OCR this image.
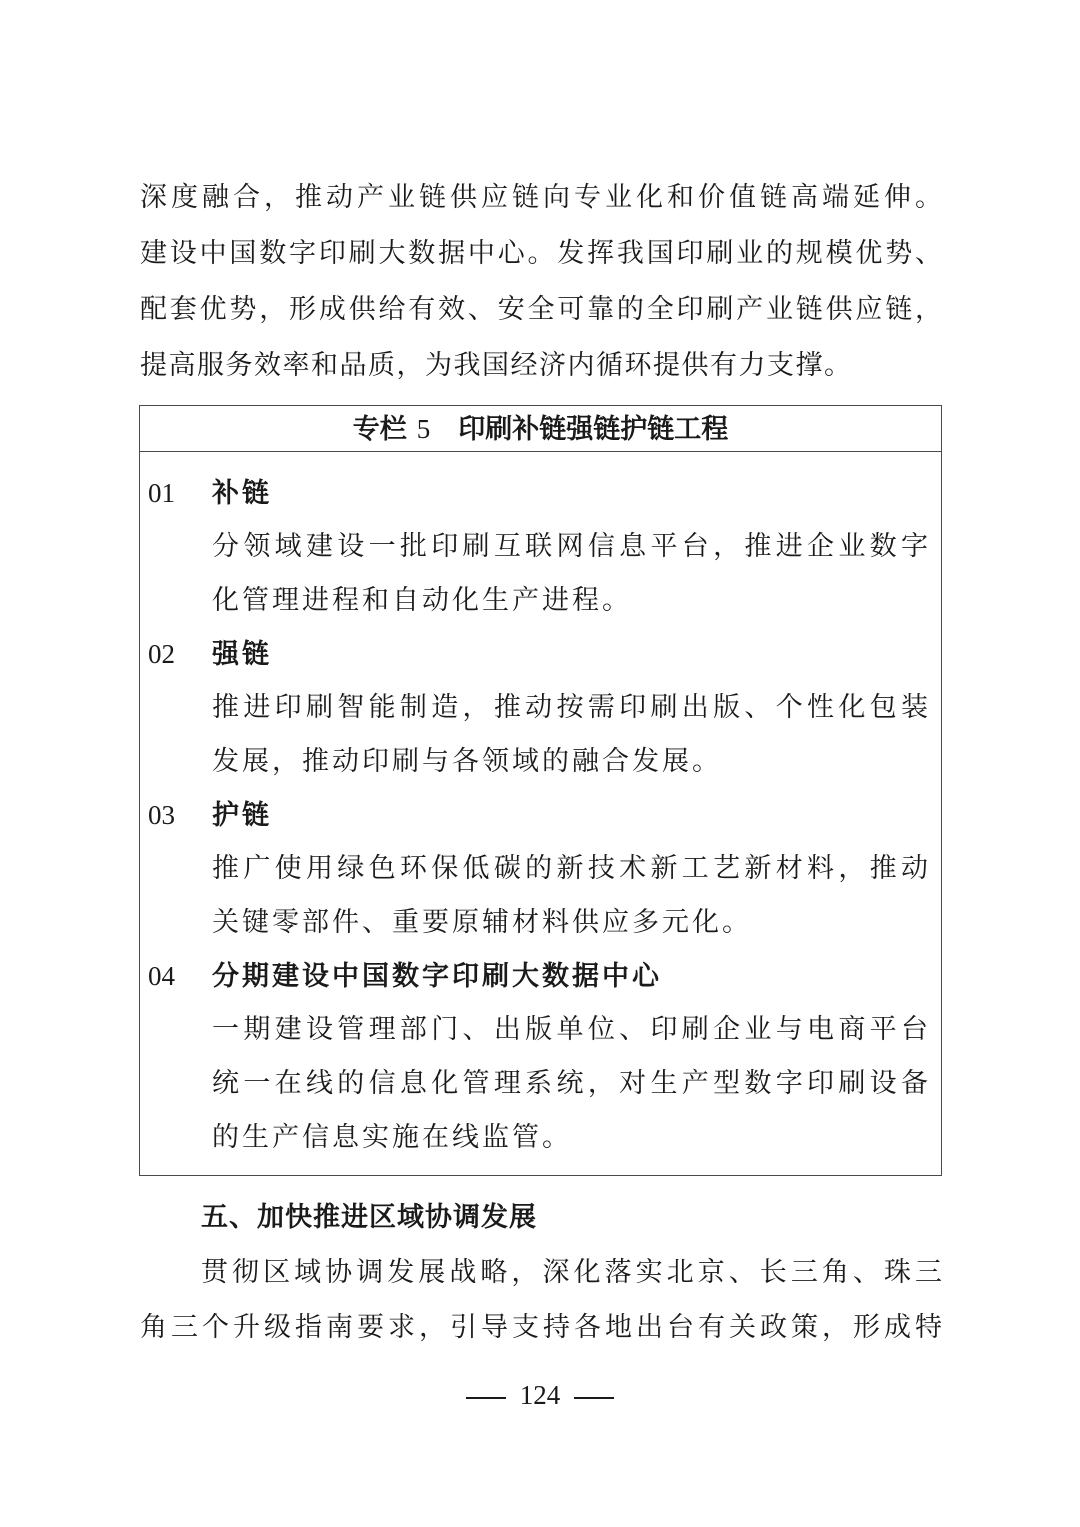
深度融合，推动产业链供应链向专业化和价值链高端延伸。
建设中国数字印刷大数据中心。发挥我国印刷业的规模优势、
配套优势，形成供给有效、安全可靠的全印刷产业链供应链，
提高服务效率和品质，为我国经济内循环提供有力支撑。
专栏 5 印刷补链强链护链工程
01 补链
分领域建设一批印刷互联网信息平台，推进企业数字
化管理进程和自动化生产进程。
02 强链
推进印刷智能制造，推动按需印刷出版、个性化包装
发展，推动印刷与各领域的融合发展。
03 护链
推广使用绿色环保低碳的新技术新工艺新材料，推动
关键零部件、重要原辅材料供应多元化。
04 分期建设中国数字印刷大数据中心
一期建设管理部门、出版单位、印刷企业与电商平台
统一在线的信息化管理系统，对生产型数字印刷设备
的生产信息实施在线监管。
五、加快推进区域协调发展
贯彻区域协调发展战略，深化落实北京、长三角、珠三
角三个升级指南要求，引导支持各地出台有关政策，形成特
124
